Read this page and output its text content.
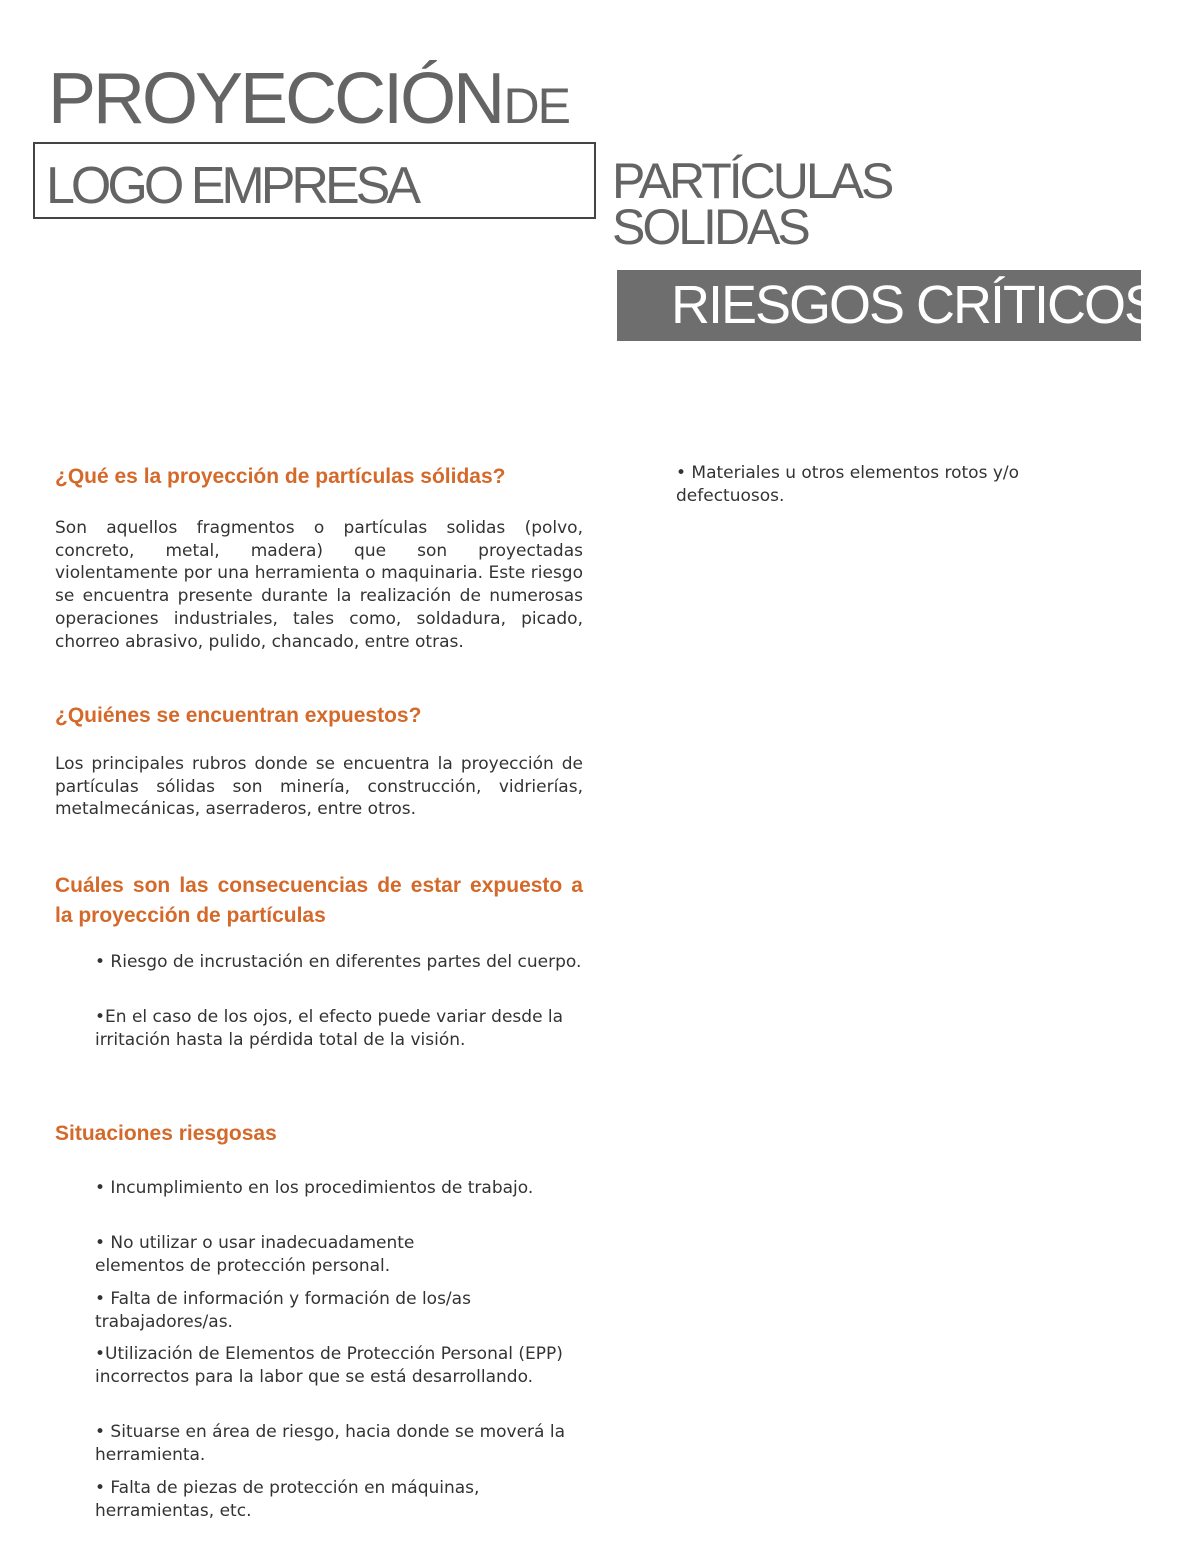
PROYECCIÓN DE
LOGO EMPRESA	PARTÍCULAS
SOLIDAS
RIESGOS CRÍTICOS
¿Qué es la proyección de partículas sólidas?
Son aquellos fragmentos o partículas solidas (polvo, concreto, metal, madera) que son proyectadas violentamente por una herramienta o maquinaria. Este riesgo se encuentra presente durante la realización de numerosas operaciones industriales, tales como, soldadura, picado, chorreo abrasivo, pulido, chancado, entre otras.
¿Quiénes se encuentran expuestos?
Los principales rubros donde se encuentra la proyección de partículas sólidas son minería, construcción, vidrierías, metalmecánicas, aserraderos, entre otros.
Cuáles son las consecuencias de estar expuesto a la proyección de partículas
• Riesgo de incrustación en diferentes partes del cuerpo.
•En el caso de los ojos, el efecto puede variar desde la irritación hasta la pérdida total de la visión.
Situaciones riesgosas
• Incumplimiento en los procedimientos de trabajo.
• No utilizar o usar inadecuadamente elementos de protección personal.
• Falta de información y formación de los/as trabajadores/as.
•Utilización de Elementos de Protección Personal (EPP) incorrectos para la labor que se está desarrollando.
• Situarse en área de riesgo, hacia donde se moverá la herramienta.
• Falta de piezas de protección en máquinas, herramientas, etc.
• Materiales u otros elementos rotos y/o defectuosos.
